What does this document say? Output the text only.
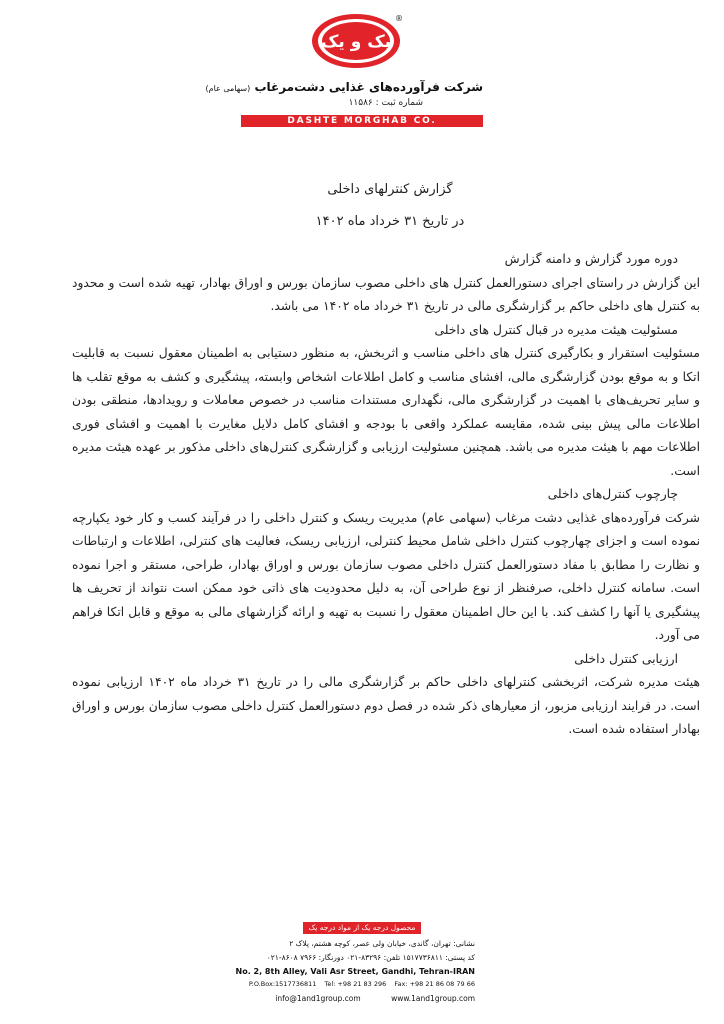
یک و یک
®
شرکت فرآورده‌های غذایی دشت‌مرغاب (سهامی عام)
شماره ثبت : ۱۱۵۸۶
DASHTE MORGHAB CO.
گزارش کنترلهای داخلی
در تاریخ ۳۱ خرداد ماه ۱۴۰۲
دوره مورد گزارش و دامنه گزارش
این گزارش در راستای اجرای دستورالعمل کنترل های داخلی مصوب سازمان بورس و اوراق بهادار، تهیه شده است و محدود به کنترل های داخلی حاکم بر گزارشگری مالی در تاریخ ۳۱ خرداد ماه ۱۴۰۲ می باشد.
مسئولیت هیئت مدیره در قبال کنترل های داخلی
مسئولیت استقرار و بکارگیری کنترل های داخلی مناسب و اثربخش، به منظور دستیابی به اطمینان معقول نسبت به قابلیت اتکا و به موقع بودن گزارشگری مالی، افشای مناسب و کامل اطلاعات اشخاص وابسته، پیشگیری و کشف به موقع تقلب ها و سایر تحریف‌های با اهمیت در گزارشگری مالی، نگهداری مستندات مناسب در خصوص معاملات و رویدادها، منطقی بودن اطلاعات مالی پیش بینی شده، مقایسه عملکرد واقعی با بودجه و افشای کامل دلایل مغایرت با اهمیت و افشای فوری اطلاعات مهم با هیئت مدیره می باشد. همچنین مسئولیت ارزیابی و گزارشگری کنترل‌های داخلی مذکور بر عهده هیئت مدیره است.
چارچوب کنترل‌های داخلی
شرکت فرآورده‌های غذایی دشت مرغاب (سهامی عام) مدیریت ریسک و کنترل داخلی را در فرآیند کسب و کار خود یکپارچه نموده است و اجزای چهارچوب کنترل داخلی شامل محیط کنترلی، ارزیابی ریسک، فعالیت های کنترلی، اطلاعات و ارتباطات و نظارت را مطابق با مفاد دستورالعمل کنترل داخلی مصوب سازمان بورس و اوراق بهادار، طراحی، مستقر و اجرا نموده است. سامانه کنترل داخلی، صرفنظر از نوع طراحی آن، به دلیل محدودیت های ذاتی خود ممکن است نتواند از تحریف ها پیشگیری یا آنها را کشف کند. با این حال اطمینان معقول را نسبت به تهیه و ارائه گزارشهای مالی به موقع و قابل اتکا فراهم می آورد.
ارزیابی کنترل داخلی
هیئت مدیره شرکت، اثربخشی کنترلهای داخلی حاکم بر گزارشگری مالی را در تاریخ ۳۱ خرداد ماه ۱۴۰۲ ارزیابی نموده است. در فرایند ارزیابی مزبور، از معیارهای ذکر شده در فصل دوم دستورالعمل کنترل داخلی مصوب سازمان بورس و اوراق بهادار استفاده شده است.
محصول درجه یک از مواد درجه یک
نشانی: تهران، گاندی، خیابان ولی عصر، کوچه هشتم، پلاک ۲
کد پستی: ۱۵۱۷۷۳۶۸۱۱ تلفن: ۸۳۲۹۶-۰۲۱ دورنگار: ۷۹۶۶ ۸۶۰۸-۰۲۱
No. 2, 8th Alley, Vali Asr Street, Gandhi, Tehran-IRAN
P.O.Box:1517736811 Tel: +98 21 83 296 Fax: +98 21 86 08 79 66
info@1and1group.com	www.1and1group.com
